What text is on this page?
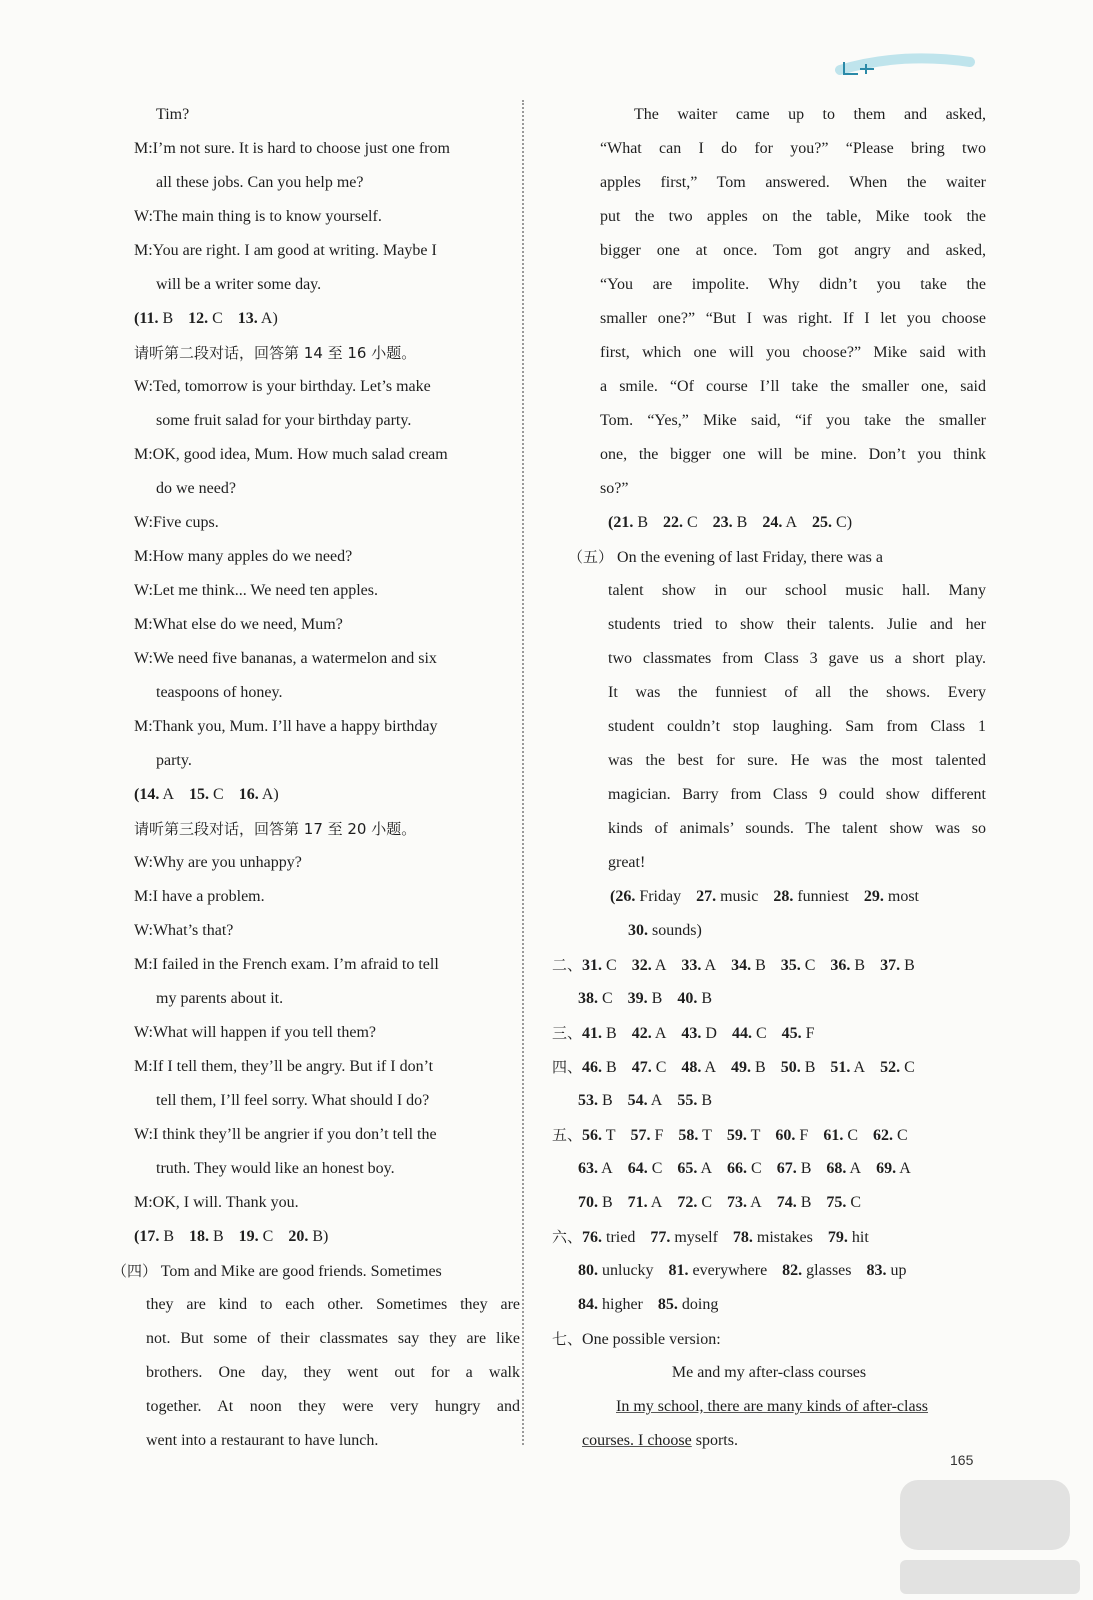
Tim?
M:I’m not sure. It is hard to choose just one from
all these jobs. Can you help me?
W:The main thing is to know yourself.
M:You are right. I am good at writing. Maybe I
will be a writer some day.
(11. B 12. C 13. A)
请听第二段对话，回答第 14 至 16 小题。
W:Ted, tomorrow is your birthday. Let’s make
some fruit salad for your birthday party.
M:OK, good idea, Mum. How much salad cream
do we need?
W:Five cups.
M:How many apples do we need?
W:Let me think... We need ten apples.
M:What else do we need, Mum?
W:We need five bananas, a watermelon and six
teaspoons of honey.
M:Thank you, Mum. I’ll have a happy birthday
party.
(14. A 15. C 16. A)
请听第三段对话，回答第 17 至 20 小题。
W:Why are you unhappy?
M:I have a problem.
W:What’s that?
M:I failed in the French exam. I’m afraid to tell
my parents about it.
W:What will happen if you tell them?
M:If I tell them, they’ll be angry. But if I don’t
tell them, I’ll feel sorry. What should I do?
W:I think they’ll be angrier if you don’t tell the
truth. They would like an honest boy.
M:OK, I will. Thank you.
(17. B 18. B 19. C 20. B)
（四） Tom and Mike are good friends. Sometimes
they are kind to each other. Sometimes they are
not. But some of their classmates say they are like
brothers. One day, they went out for a walk
together. At noon they were very hungry and
went into a restaurant to have lunch.
The waiter came up to them and asked,
“What can I do for you?” “Please bring two
apples first,” Tom answered. When the waiter
put the two apples on the table, Mike took the
bigger one at once. Tom got angry and asked,
“You are impolite. Why didn’t you take the
smaller one?” “But I was right. If I let you choose
first, which one will you choose?” Mike said with
a smile. “Of course I’ll take the smaller one, said
Tom. “Yes,” Mike said, “if you take the smaller
one, the bigger one will be mine. Don’t you think
so?”
(21. B 22. C 23. B 24. A 25. C)
（五） On the evening of last Friday, there was a
talent show in our school music hall. Many
students tried to show their talents. Julie and her
two classmates from Class 3 gave us a short play.
It was the funniest of all the shows. Every
student couldn’t stop laughing. Sam from Class 1
was the best for sure. He was the most talented
magician. Barry from Class 9 could show different
kinds of animals’ sounds. The talent show was so
great!
(26. Friday 27. music 28. funniest 29. most
30. sounds)
二、31. C 32. A 33. A 34. B 35. C 36. B 37. B
38. C 39. B 40. B
三、41. B 42. A 43. D 44. C 45. F
四、46. B 47. C 48. A 49. B 50. B 51. A 52. C
53. B 54. A 55. B
五、56. T 57. F 58. T 59. T 60. F 61. C 62. C
63. A 64. C 65. A 66. C 67. B 68. A 69. A
70. B 71. A 72. C 73. A 74. B 75. C
六、76. tried 77. myself 78. mistakes 79. hit
80. unlucky 81. everywhere 82. glasses 83. up
84. higher 85. doing
七、One possible version:
Me and my after-class courses
In my school, there are many kinds of after-class
courses. I choose sports.
165
